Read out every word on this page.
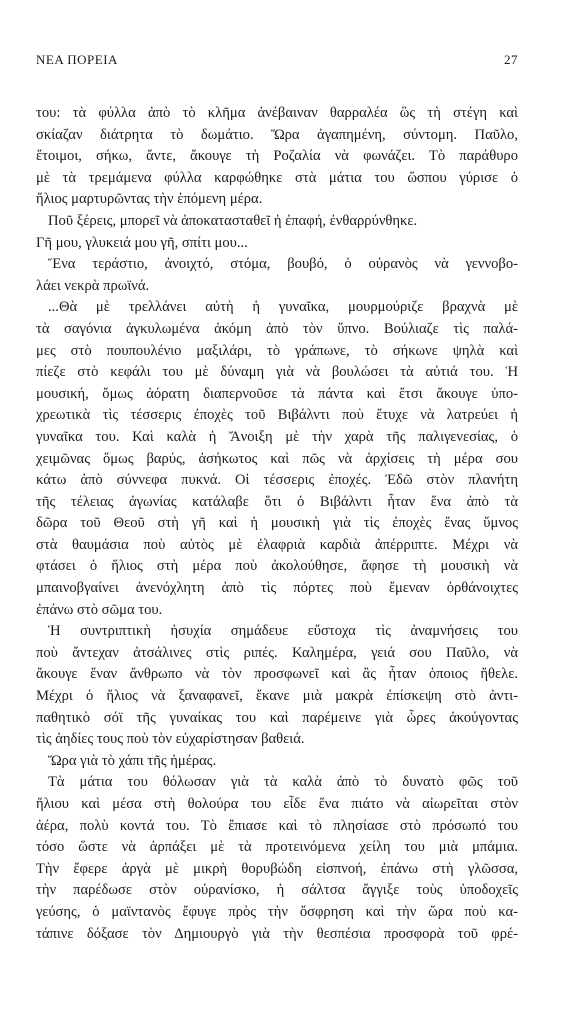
ΝΕΑ ΠΟΡΕΙΑ	27
του: τὰ φύλλα ἀπὸ τὸ κλῆμα ἀνέβαιναν θαρραλέα ὣς τὴ στέγη καὶ
σκίαζαν διάτρητα τὸ δωμάτιο. Ὥρα ἀγαπημένη, σύντομη. Παῦλο,
ἕτοιμοι, σήκω, ἄντε, ἄκουγε τὴ Ροζαλία νὰ φωνάζει. Τὸ παράθυρο
μὲ τὰ τρεμάμενα φύλλα καρφώθηκε στὰ μάτια του ὥσπου γύρισε ὁ
ἥλιος μαρτυρῶντας τὴν ἑπόμενη μέρα.
Ποῦ ξέρεις, μπορεῖ νὰ ἀποκατασταθεῖ ἡ ἐπαφή, ἐνθαρρύνθηκε.
Γῆ μου, γλυκειά μου γῆ, σπίτι μου...
Ἕνα τεράστιο, ἀνοιχτό, στόμα, βουβό, ὁ οὐρανὸς νὰ γεννοβο-
λάει νεκρὰ πρωϊνά.
...Θὰ μὲ τρελλάνει αὐτὴ ἡ γυναῖκα, μουρμούριζε βραχνὰ μὲ
τὰ σαγόνια ἀγκυλωμένα ἀκόμη ἀπὸ τὸν ὕπνο. Βούλιαζε τὶς παλά-
μες στὸ πουπουλένιο μαξιλάρι, τὸ γράπωνε, τὸ σήκωνε ψηλὰ καὶ
πίεζε στὸ κεφάλι του μὲ δύναμη γιὰ νὰ βουλώσει τὰ αὐτιά του. Ἡ
μουσική, ὅμως ἀόρατη διαπερνοῦσε τὰ πάντα καὶ ἔτσι ἄκουγε ὑπο-
χρεωτικὰ τὶς τέσσερις ἐποχὲς τοῦ Βιβάλντι ποὺ ἔτυχε νὰ λατρεύει ἡ
γυναῖκα του. Καὶ καλὰ ἡ Ἄνοιξη μὲ τὴν χαρὰ τῆς παλιγενεσίας, ὁ
χειμῶνας ὅμως βαρύς, ἀσήκωτος καὶ πῶς νὰ ἀρχίσεις τὴ μέρα σου
κάτω ἀπὸ σύννεφα πυκνά. Οἱ τέσσερις ἐποχές. Ἐδῶ στὸν πλανήτη
τῆς τέλειας ἀγωνίας κατάλαβε ὅτι ὁ Βιβάλντι ἦταν ἕνα ἀπὸ τὰ
δῶρα τοῦ Θεοῦ στὴ γῆ καὶ ἡ μουσικὴ γιὰ τὶς ἐποχὲς ἕνας ὕμνος
στὰ θαυμάσια ποὺ αὐτὸς μὲ ἐλαφριὰ καρδιὰ ἀπέρριπτε. Μέχρι νὰ
φτάσει ὁ ἥλιος στὴ μέρα ποὺ ἀκολούθησε, ἄφησε τὴ μουσικὴ νὰ
μπαινοβγαίνει ἀνενόχλητη ἀπὸ τὶς πόρτες ποὺ ἔμεναν ὀρθάνοιχτες
ἐπάνω στὸ σῶμα του.
Ἡ συντριπτικὴ ἡσυχία σημάδευε εὔστοχα τὶς ἀναμνήσεις του
ποὺ ἄντεχαν ἀτσάλινες στὶς ριπές. Καλημέρα, γειά σου Παῦλο, νὰ
ἄκουγε ἕναν ἄνθρωπο νὰ τὸν προσφωνεῖ καὶ ἂς ἦταν ὁποιος ἤθελε.
Μέχρι ὁ ἥλιος νὰ ξαναφανεῖ, ἔκανε μιὰ μακρὰ ἐπίσκεψη στὸ ἀντι-
παθητικὸ σόϊ τῆς γυναίκας του καὶ παρέμεινε γιὰ ὧρες ἀκούγοντας
τὶς ἀηδίες τους ποὺ τὸν εὐχαρίστησαν βαθειά.
Ὥρα γιὰ τὸ χάπι τῆς ἡμέρας.
Τὰ μάτια του θόλωσαν γιὰ τὰ καλὰ ἀπὸ τὸ δυνατὸ φῶς τοῦ
ἥλιου καὶ μέσα στὴ θολούρα του εἶδε ἕνα πιάτο νὰ αἰωρεῖται στὸν
ἀέρα, πολὺ κοντά του. Τὸ ἔπιασε καὶ τὸ πλησίασε στὸ πρόσωπό του
τόσο ὥστε νὰ ἁρπάξει μὲ τὰ προτεινόμενα χείλη του μιὰ μπάμια.
Τὴν ἔφερε ἀργὰ μὲ μικρὴ θορυβώδη εἰσπνοή, ἐπάνω στὴ γλῶσσα,
τὴν παρέδωσε στὸν οὐρανίσκο, ἡ σάλτσα ἄγγιξε τοὺς ὑποδοχεῖς
γεύσης, ὁ μαϊντανὸς ἔφυγε πρὸς τὴν ὄσφρηση καὶ τὴν ὥρα ποὺ κα-
τάπινε δόξασε τὸν Δημιουργὸ γιὰ τὴν θεσπέσια προσφορὰ τοῦ φρέ-
